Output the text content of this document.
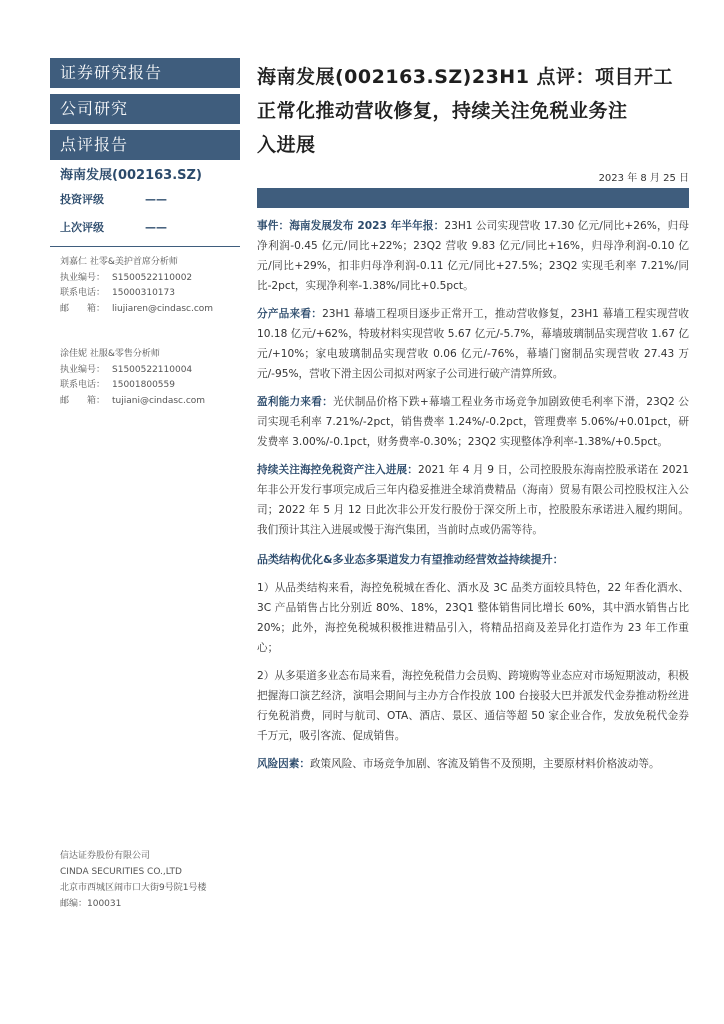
证券研究报告
公司研究
点评报告
海南发展(002163.SZ)
投资评级	——
上次评级	——
刘嘉仁 社零&美护首席分析师
执业编号： S1500522110002
联系电话： 15000310173
邮　　箱： liujiaren@cindasc.com
涂佳妮 社服&零售分析师
执业编号： S1500522110004
联系电话： 15001800559
邮　　箱： tujiani@cindasc.com
信达证券股份有限公司
CINDA SECURITIES CO.,LTD
北京市西城区闹市口大街9号院1号楼
邮编：100031
海南发展(002163.SZ)23H1 点评：项目开工
正常化推动营收修复，持续关注免税业务注
入进展
2023 年 8 月 25 日
事件：海南发展发布 2023 年半年报：23H1 公司实现营收 17.30 亿元/同比+26%，归母净利润-0.45 亿元/同比+22%；23Q2 营收 9.83 亿元/同比+16%，归母净利润-0.10 亿元/同比+29%，扣非归母净利润-0.11 亿元/同比+27.5%；23Q2 实现毛利率 7.21%/同比-2pct，实现净利率-1.38%/同比+0.5pct。
分产品来看：23H1 幕墙工程项目逐步正常开工，推动营收修复，23H1 幕墙工程实现营收 10.18 亿元/+62%，特玻材料实现营收 5.67 亿元/-5.7%，幕墙玻璃制品实现营收 1.67 亿元/+10%；家电玻璃制品实现营收 0.06 亿元/-76%，幕墙门窗制品实现营收 27.43 万元/-95%，营收下滑主因公司拟对两家子公司进行破产清算所致。
盈利能力来看：光伏制品价格下跌+幕墙工程业务市场竞争加剧致使毛利率下滑，23Q2 公司实现毛利率 7.21%/-2pct，销售费率 1.24%/-0.2pct，管理费率 5.06%/+0.01pct，研发费率 3.00%/-0.1pct，财务费率-0.30%；23Q2 实现整体净利率-1.38%/+0.5pct。
持续关注海控免税资产注入进展：2021 年 4 月 9 日，公司控股股东海南控股承诺在 2021 年非公开发行事项完成后三年内稳妥推进全球消费精品（海南）贸易有限公司控股权注入公司；2022 年 5 月 12 日此次非公开发行股份于深交所上市，控股股东承诺进入履约期间。我们预计其注入进展或慢于海汽集团，当前时点或仍需等待。
品类结构优化&多业态多渠道发力有望推动经营效益持续提升：
1）从品类结构来看，海控免税城在香化、酒水及 3C 品类方面较具特色，22 年香化酒水、3C 产品销售占比分别近 80%、18%，23Q1 整体销售同比增长 60%，其中酒水销售占比 20%；此外，海控免税城积极推进精品引入，将精品招商及差异化打造作为 23 年工作重心；
2）从多渠道多业态布局来看，海控免税借力会员购、跨境购等业态应对市场短期波动，积极把握海口演艺经济，演唱会期间与主办方合作投放 100 台接驳大巴并派发代金券推动粉丝进行免税消费，同时与航司、OTA、酒店、景区、通信等超 50 家企业合作，发放免税代金券千万元，吸引客流、促成销售。
风险因素：政策风险、市场竞争加剧、客流及销售不及预期，主要原材料价格波动等。
